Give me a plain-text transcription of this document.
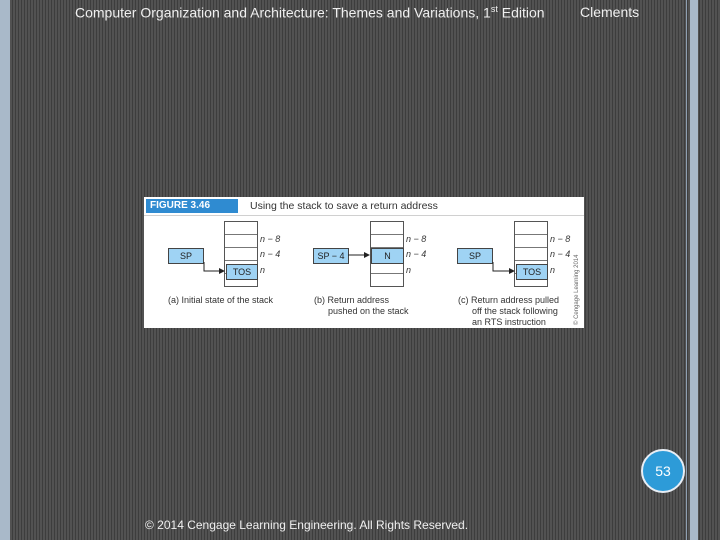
Computer Organization and Architecture: Themes and Variations, 1st Edition	Clements
FIGURE 3.46	Using the stack to save a return address
TOS
SP
n − 8
n − 4
n
(a) Initial state of the stack
N
SP − 4
n − 8
n − 4
n
(b) Return address
pushed on the stack
TOS
SP
n − 8
n − 4
n
(c) Return address pulled
off the stack following
an RTS instruction	© Cengage Learning 2014
53
© 2014 Cengage Learning Engineering. All Rights Reserved.
